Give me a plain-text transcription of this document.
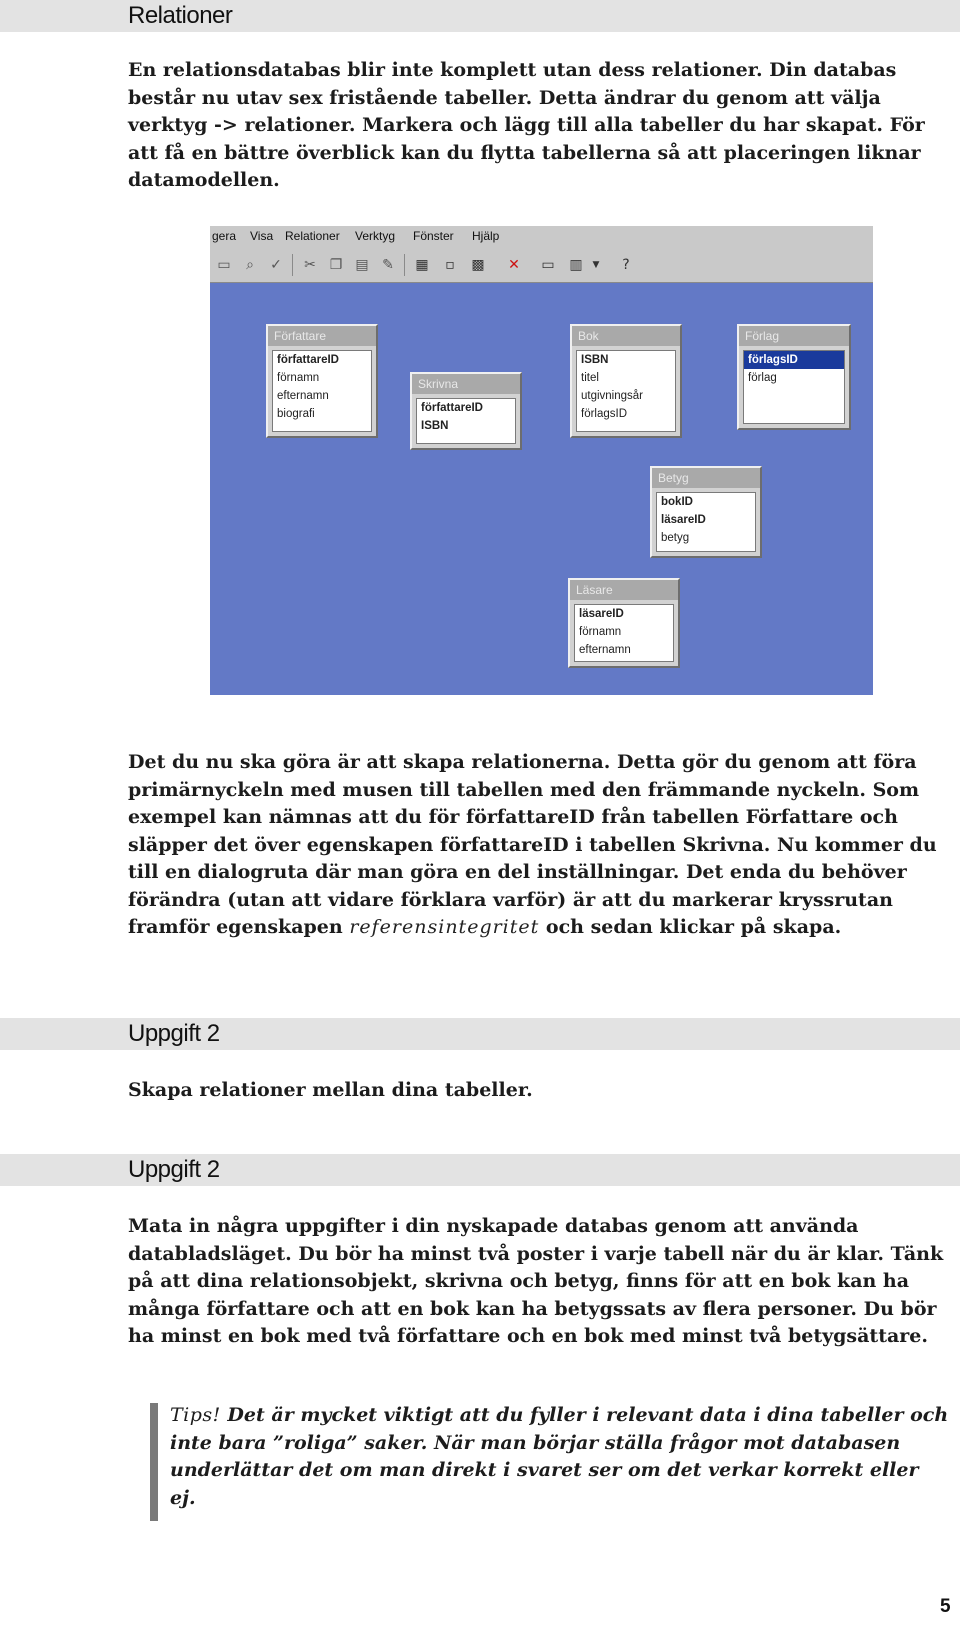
Relationer

En relationsdatabas blir inte komplett utan dess relationer. Din databas består nu utav sex fristående tabeller. Detta ändrar du genom att välja verktyg -> relationer. Markera och lägg till alla tabeller du har skapat. För att få en bättre överblick kan du flytta tabellerna så att placeringen liknar datamodellen.

gera Visa Relationer Verktyg Fönster Hjälp
▭	⌕	✓ ✂ ❐ ▤ ✎ ▦	▫	▩ ✕ ▭ ▥	▼	?
Författare
författareID
förnamn
efternamn
biografi
Skrivna
författareID
ISBN
Bok
ISBN
titel
utgivningsår
förlagsID
Förlag
förlagsID
förlag
Betyg
bokID
läsareID
betyg
Läsare
läsareID
förnamn
efternamn

Det du nu ska göra är att skapa relationerna. Detta gör du genom att föra primärnyckeln med musen till tabellen med den främmande nyckeln. Som exempel kan nämnas att du för författareID från tabellen Författare och släpper det över egenskapen författareID i tabellen Skrivna. Nu kommer du till en dialogruta där man göra en del inställningar. Det enda du behöver förändra (utan att vidare förklara varför) är att du markerar kryssrutan framför egenskapen referensintegritet och sedan klickar på skapa.

Uppgift 2

Skapa relationer mellan dina tabeller.

Uppgift 2

Mata in några uppgifter i din nyskapade databas genom att använda databladsläget. Du bör ha minst två poster i varje tabell när du är klar. Tänk på att dina relationsobjekt, skrivna och betyg, finns för att en bok kan ha många författare och att en bok kan ha betygssats av flera personer. Du bör ha minst en bok med två författare och en bok med minst två betygsättare.

Tips! Det är mycket viktigt att du fyller i relevant data i dina tabeller och inte bara ”roliga” saker. När man börjar ställa frågor mot databasen underlättar det om man direkt i svaret ser om det verkar korrekt eller ej.

5
